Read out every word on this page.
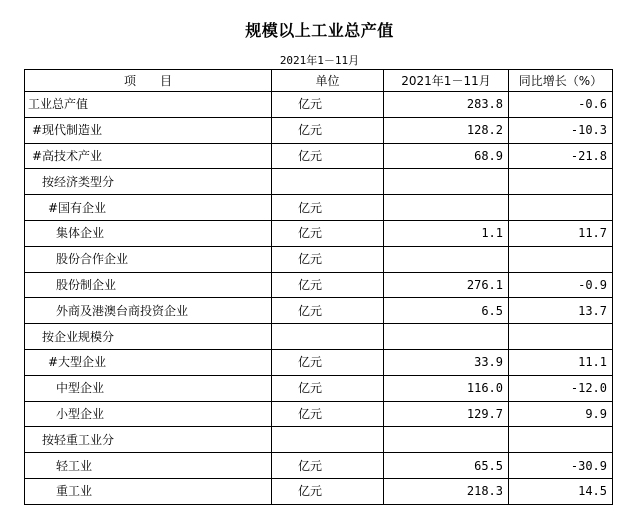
规模以上工业总产值
2021年1－11月
项　　目	单位	2021年1－11月	同比增长（%）
工业总产值	亿元	283.8	-0.6
#现代制造业	亿元	128.2	-10.3
#高技术产业	亿元	68.9	-21.8
按经济类型分			
#国有企业	亿元		
集体企业	亿元	1.1	11.7
股份合作企业	亿元		
股份制企业	亿元	276.1	-0.9
外商及港澳台商投资企业	亿元	6.5	13.7
按企业规模分			
#大型企业	亿元	33.9	11.1
中型企业	亿元	116.0	-12.0
小型企业	亿元	129.7	9.9
按轻重工业分			
轻工业	亿元	65.5	-30.9
重工业	亿元	218.3	14.5
